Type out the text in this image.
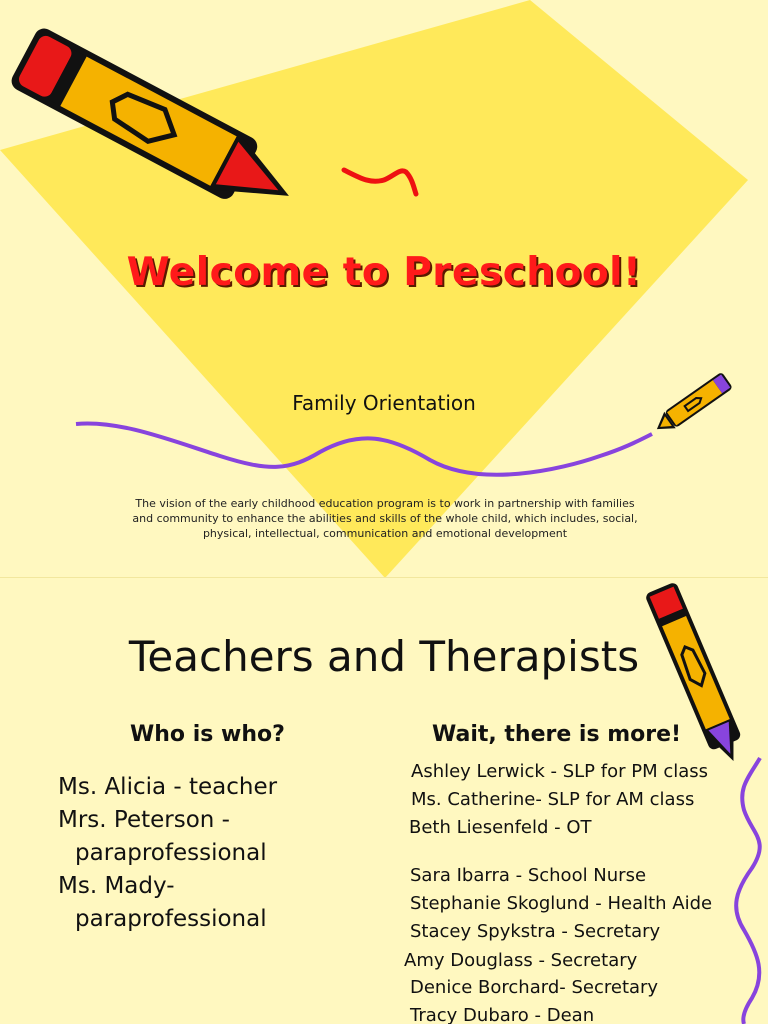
Welcome to Preschool!
Family Orientation
The vision of the early childhood education program is to work in partnership with families and community to enhance the abilities and skills of the whole child, which includes, social, physical, intellectual, communication and emotional development
Teachers and Therapists
Who is who?	Wait, there is more!
Ms. Alicia - teacher
Mrs. Peterson -
paraprofessional
Ms. Mady-
paraprofessional
Ashley Lerwick - SLP for PM class
Ms. Catherine- SLP for AM class
Beth Liesenfeld - OT
Sara Ibarra - School Nurse
Stephanie Skoglund - Health Aide
Stacey Spykstra - Secretary
Amy Douglass - Secretary
Denice Borchard- Secretary
Tracy Dubaro - Dean
